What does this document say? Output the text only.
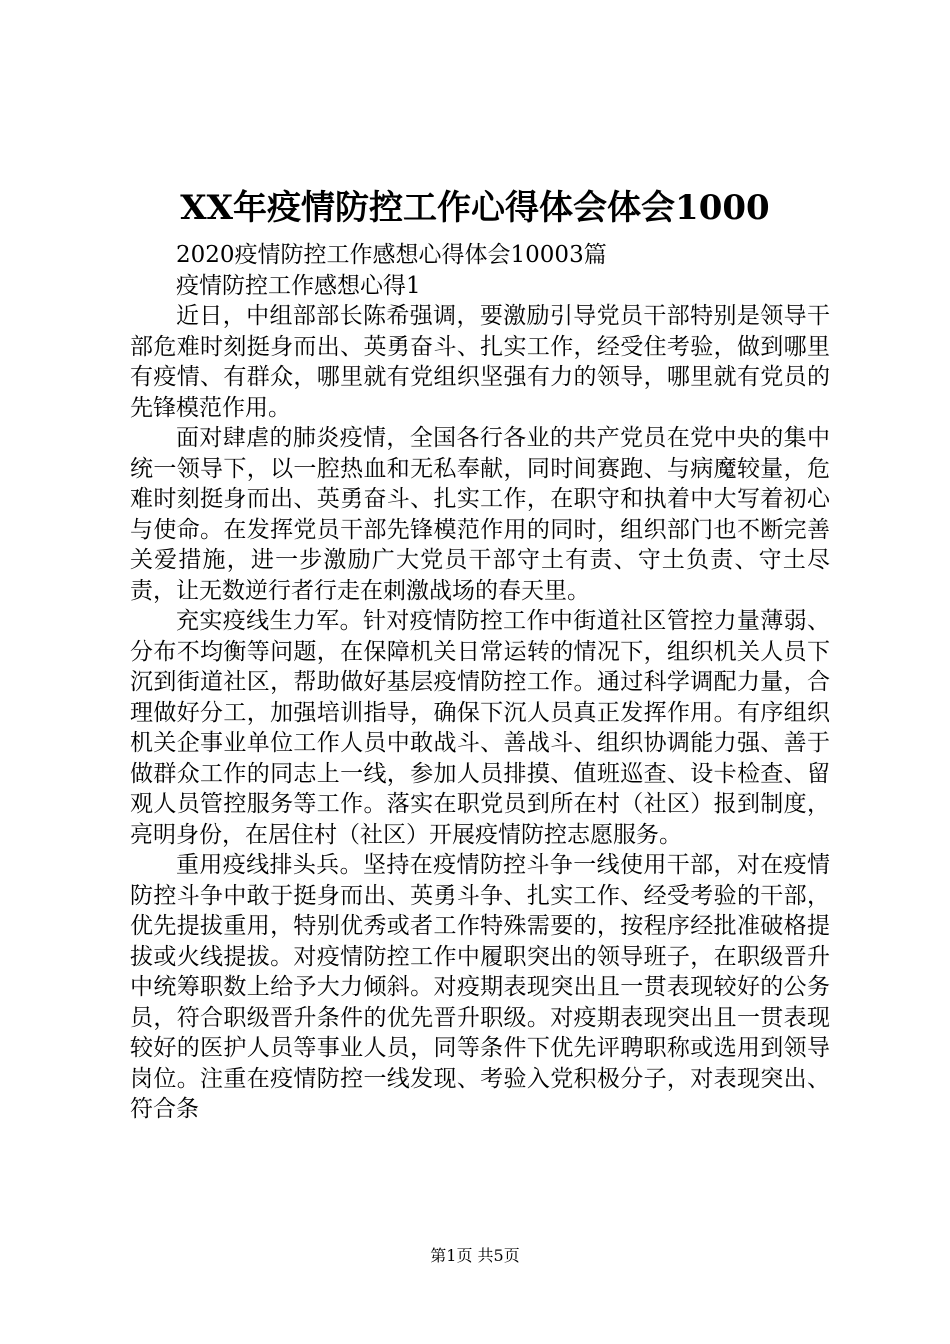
XX年疫情防控工作心得体会体会1000

2020疫情防控工作感想心得体会10003篇

疫情防控工作感想心得1

近日，中组部部长陈希强调，要激励引导党员干部特别是领导干部危难时刻挺身而出、英勇奋斗、扎实工作，经受住考验，做到哪里有疫情、有群众，哪里就有党组织坚强有力的领导，哪里就有党员的先锋模范作用。

面对肆虐的肺炎疫情，全国各行各业的共产党员在党中央的集中统一领导下，以一腔热血和无私奉献，同时间赛跑、与病魔较量，危难时刻挺身而出、英勇奋斗、扎实工作，在职守和执着中大写着初心与使命。在发挥党员干部先锋模范作用的同时，组织部门也不断完善关爱措施，进一步激励广大党员干部守土有责、守土负责、守土尽责，让无数逆行者行走在刺激战场的春天里。

充实疫线生力军。针对疫情防控工作中街道社区管控力量薄弱、分布不均衡等问题，在保障机关日常运转的情况下，组织机关人员下沉到街道社区，帮助做好基层疫情防控工作。通过科学调配力量，合理做好分工，加强培训指导，确保下沉人员真正发挥作用。有序组织机关企事业单位工作人员中敢战斗、善战斗、组织协调能力强、善于做群众工作的同志上一线，参加人员排摸、值班巡查、设卡检查、留观人员管控服务等工作。落实在职党员到所在村（社区）报到制度，亮明身份，在居住村（社区）开展疫情防控志愿服务。

重用疫线排头兵。坚持在疫情防控斗争一线使用干部，对在疫情防控斗争中敢于挺身而出、英勇斗争、扎实工作、经受考验的干部，优先提拔重用，特别优秀或者工作特殊需要的，按程序经批准破格提拔或火线提拔。对疫情防控工作中履职突出的领导班子，在职级晋升中统筹职数上给予大力倾斜。对疫期表现突出且一贯表现较好的公务员，符合职级晋升条件的优先晋升职级。对疫期表现突出且一贯表现较好的医护人员等事业人员，同等条件下优先评聘职称或选用到领导岗位。注重在疫情防控一线发现、考验入党积极分子，对表现突出、符合条

第1页 共5页
